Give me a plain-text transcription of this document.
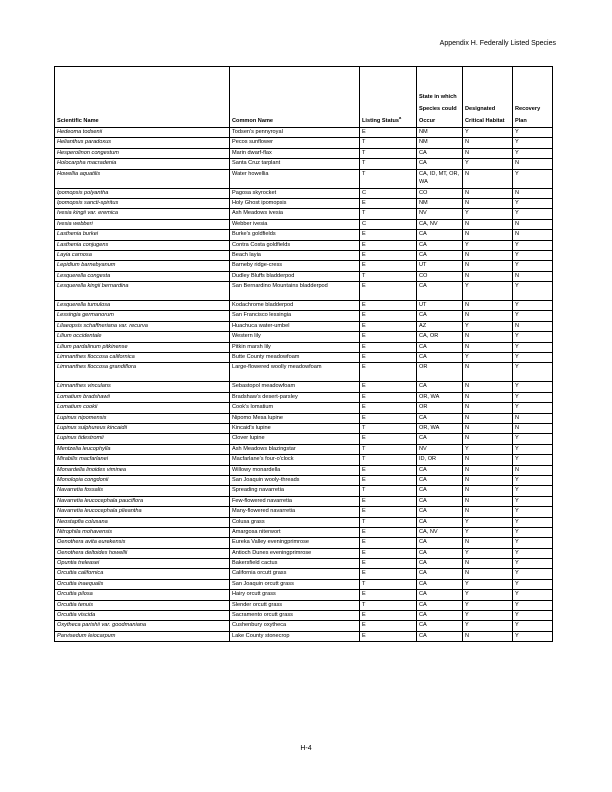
Appendix H. Federally Listed Species
Scientific Name	Common Name	Listing Status$^a$	State in which Species could Occur	Designated Critical Habitat	Recovery Plan
Hedeoma todsenii	Todsen's pennyroyal	E	NM	Y	Y
Helianthus paradoxus	Pecos sunflower	T	NM	N	Y
Hesperolinon congestum	Marin dwarf-flax	T	CA	N	Y
Holocarpha macradenia	Santa Cruz tarplant	T	CA	Y	N
Howellia aquatilis	Water howellia	T	CA, ID, MT, OR, WA	N	Y
Ipomopsis polyantha	Pagosa skyrocket	C	CO	N	N
Ipomopsis sancti-spiritus	Holy Ghost ipomopsis	E	NM	N	Y
Ivesia kingii var. eremica	Ash Meadows ivesia	T	NV	Y	Y
Ivesia webberi	Webber ivesia	C	CA, NV	N	N
Lasthenia burkei	Burke's goldfields	E	CA	N	N
Lasthenia conjugens	Contra Costa goldfields	E	CA	Y	Y
Layia carnosa	Beach layia	E	CA	N	Y
Lepidium barnebyanum	Barneby ridge-cress	E	UT	N	Y
Lesquerella congesta	Dudley Bluffs bladderpod	T	CO	N	N
Lesquerella kingii bernardina	San Bernardino Mountains bladderpod	E	CA	Y	Y
Lesquerella tumulosa	Kodachrome bladderpod	E	UT	N	Y
Lessingia germanorum	San Francisco lessingia	E	CA	N	Y
Lilaeopsis schaffneriana var. recurva	Huachuca water-umbel	E	AZ	Y	N
Lilium occidentale	Western lily	E	CA, OR	N	Y
Lilium pardalinum pitkinense	Pitkin marsh lily	E	CA	N	Y
Limnanthes floccosa californica	Butte County meadowfoam	E	CA	Y	Y
Limnanthes floccosa grandiflora	Large-flowered woolly meadowfoam	E	OR	N	Y
Limnanthes vinculans	Sebastopol meadowfoam	E	CA	N	Y
Lomatium bradshawii	Bradshaw's desert-parsley	E	OR, WA	N	Y
Lomatium cookii	Cook's lomatium	E	OR	N	Y
Lupinus nipomensis	Nipomo Mesa lupine	E	CA	N	N
Lupinus sulphureus kincaidii	Kincaid's lupine	T	OR, WA	N	N
Lupinus tidestromii	Clover lupine	E	CA	N	Y
Mentzelia leucophylla	Ash Meadows blazingstar	T	NV	Y	Y
Mirabilis macfarlanei	Macfarlane's four-o'clock	T	ID, OR	N	Y
Monardella linoides viminea	Willowy monardella	E	CA	N	N
Monolopia congdonii	San Joaquin wooly-threads	E	CA	N	Y
Navarretia fossalis	Spreading navarretia	T	CA	N	Y
Navarretia leucocephala pauciflora	Few-flowered navarretia	E	CA	N	Y
Navarretia leucocephala plieantha	Many-flowered navarretia	E	CA	N	Y
Neostapfia colusana	Colusa grass	T	CA	Y	Y
Nitrophila mohavensis	Amargosa niterwort	E	CA, NV	Y	Y
Oenothera avita eurekensis	Eureka Valley eveningprimrose	E	CA	N	Y
Oenothera deltoides howellii	Antioch Dunes eveningprimrose	E	CA	Y	Y
Opuntia treleasei	Bakersfield cactus	E	CA	N	Y
Orcuttia californica	California orcutt grass	E	CA	N	Y
Orcuttia inaequalis	San Joaquin orcutt grass	T	CA	Y	Y
Orcuttia pilosa	Hairy orcutt grass	E	CA	Y	Y
Orcuttia tenuis	Slender orcutt grass	T	CA	Y	Y
Orcuttia viscida	Sacramento orcutt grass	E	CA	Y	Y
Oxytheca parishii var. goodmaniana	Cushenbury oxytheca	E	CA	Y	Y
Parvisedum leiocarpum	Lake County stonecrop	E	CA	N	Y
H-4
